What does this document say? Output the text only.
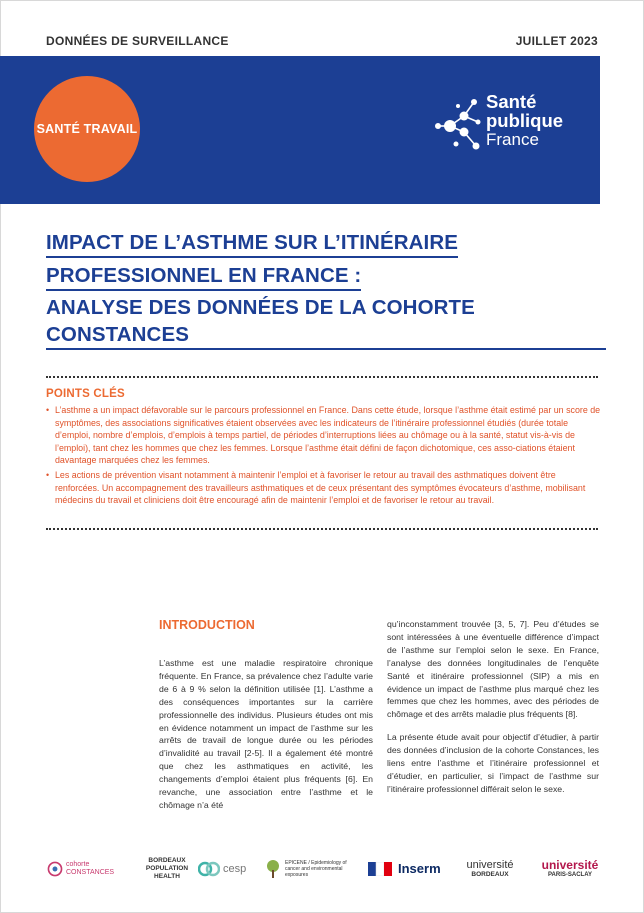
DONNÉES DE SURVEILLANCE	JUILLET 2023
SANTÉ TRAVAIL
Santé
publique
France
IMPACT DE L’ASTHME SUR L’ITINÉRAIRE
PROFESSIONNEL EN FRANCE :
ANALYSE DES DONNÉES DE LA COHORTE CONSTANCES
POINTS CLÉS
• L’asthme a un impact défavorable sur le parcours professionnel en France. Dans cette étude, lorsque l’asthme était estimé par un score de symptômes, des associations significatives étaient observées avec les indicateurs de l’itinéraire professionnel étudiés (durée totale d’emploi, nombre d’emplois, d’emplois à temps partiel, de périodes d’interruptions liées au chômage ou à la santé, statut vis-à-vis de l’emploi), tant chez les hommes que chez les femmes. Lorsque l’asthme était défini de façon dichotomique, ces asso-ciations étaient davantage marquées chez les femmes.
• Les actions de prévention visant notamment à maintenir l’emploi et à favoriser le retour au travail des asthmatiques doivent être renforcées. Un accompagnement des travailleurs asthmatiques et de ceux présentant des symptômes évocateurs d’asthme, mobilisant médecins du travail et cliniciens doit être encouragé afin de maintenir l’emploi et de favoriser le retour au travail.
INTRODUCTION

L’asthme est une maladie respiratoire chronique fréquente. En France, sa prévalence chez l’adulte varie de 6 à 9 % selon la définition utilisée [1]. L’asthme a des conséquences importantes sur la carrière professionnelle des individus. Plusieurs études ont mis en évidence notamment un impact de l’asthme sur les arrêts de travail de longue durée ou les périodes d’invalidité au travail [2-5]. Il a également été montré que chez les asthmatiques en activité, les changements d’emploi étaient plus fréquents [6]. En revanche, une association entre l’asthme et le chômage n’a été

qu’inconstamment trouvée [3, 5, 7]. Peu d’études se sont intéressées à une éventuelle différence d’impact de l’asthme sur l’emploi selon le sexe. En France, l’analyse des données longitudinales de l’enquête Santé et itinéraire professionnel (SIP) a mis en évidence un impact de l’asthme plus marqué chez les femmes que chez les hommes, avec des périodes de chômage et des arrêts maladie plus fréquents [8].

La présente étude avait pour objectif d’étudier, à partir des données d’inclusion de la cohorte Constances, les liens entre l’asthme et l’itinéraire professionnel et d’étudier, en particulier, si l’impact de l’asthme sur l’itinéraire professionnel différait selon le sexe.

cohorte CONSTANCES
BORDEAUX
POPULATION
HEALTH
cesp	EPICENE / Epidemiology of cancer and environmental exposures	Inserm université
BORDEAUX
université
PARIS-SACLAY
